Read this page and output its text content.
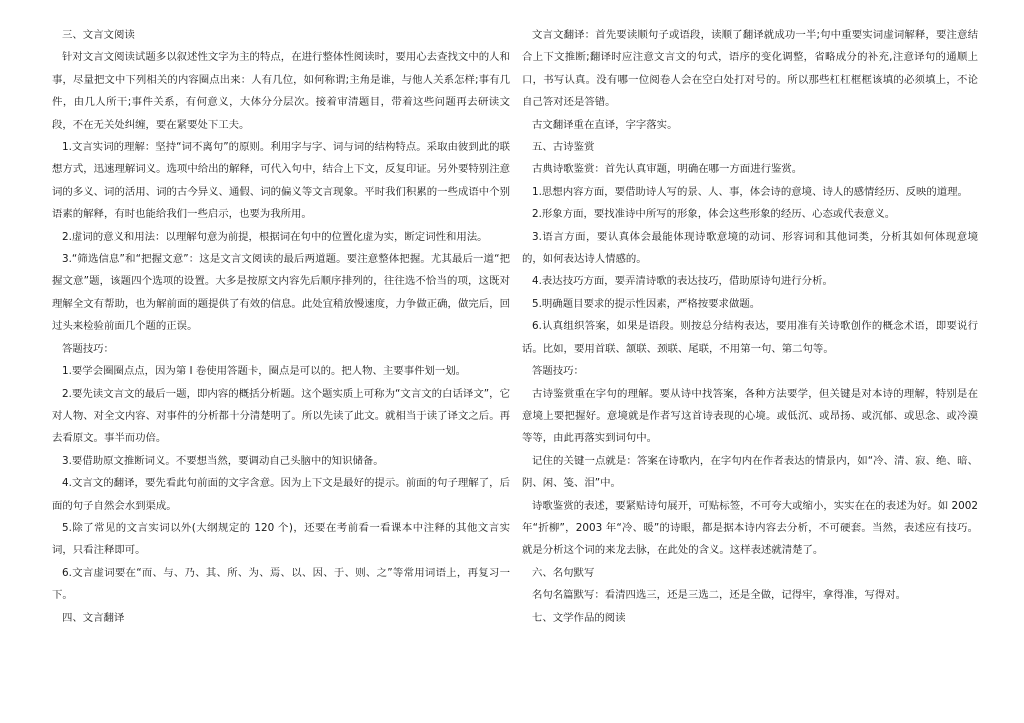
三、文言文阅读

针对文言文阅读试题多以叙述性文字为主的特点，在进行整体性阅读时，要用心去查找文中的人和事，尽量把文中下列相关的内容圈点出来：人有几位，如何称谓;主角是谁，与他人关系怎样;事有几件，由几人所干;事件关系，有何意义，大体分分层次。接着审清题目，带着这些问题再去研读文段，不在无关处纠缠，要在紧要处下工夫。

1.文言实词的理解：坚持“词不离句”的原则。利用字与字、词与词的结构特点。采取由彼到此的联想方式，迅速理解词义。选项中给出的解释，可代入句中，结合上下文，反复印证。另外要特别注意词的多义、词的活用、词的古今异义、通假、词的偏义等文言现象。平时我们积累的一些成语中个别语素的解释，有时也能给我们一些启示，也要为我所用。

2.虚词的意义和用法：以理解句意为前提，根据词在句中的位置化虚为实，断定词性和用法。

3.“筛选信息”和“把握文意”：这是文言文阅读的最后两道题。要注意整体把握。尤其最后一道“把握文意”题，该题四个选项的设置。大多是按原文内容先后顺序排列的，往往选不恰当的项，这既对理解全文有帮助，也为解前面的题提供了有效的信息。此处宜稍放慢速度，力争做正确，做完后，回过头来检验前面几个题的正误。

答题技巧：

1.要学会圈圈点点，因为第 I 卷使用答题卡，圈点是可以的。把人物、主要事件划一划。

2.要先读文言文的最后一题，即内容的概括分析题。这个题实质上可称为“文言文的白话译文”，它对人物、对全文内容、对事件的分析都十分清楚明了。所以先读了此文。就相当于读了译文之后。再去看原文。事半而功倍。

3.要借助原文推断词义。不要想当然，要调动自己头脑中的知识储备。

4.文言文的翻译，要先看此句前面的文字含意。因为上下文是最好的提示。前面的句子理解了，后面的句子自然会水到渠成。

5.除了常见的文言实词以外(大纲规定的 120 个)，还要在考前看一看课本中注释的其他文言实词，只看注释即可。

6.文言虚词要在“而、与、乃、其、所、为、焉、以、因、于、则、之”等常用词语上，再复习一下。

四、文言翻译

文言文翻译：首先要读顺句子或语段，读顺了翻译就成功一半;句中重要实词虚词解释，要注意结合上下文推断;翻译时应注意文言文的句式，语序的变化调整，省略成分的补充,注意译句的通顺上口，书写认真。没有哪一位阅卷人会在空白处打对号的。所以那些杠杠框框该填的必须填上，不论自己答对还是答错。

古文翻译重在直译，字字落实。

五、古诗鉴赏

古典诗歌鉴赏：首先认真审题，明确在哪一方面进行鉴赏。

1.思想内容方面，要借助诗人写的景、人、事，体会诗的意境、诗人的感情经历、反映的道理。

2.形象方面，要找准诗中所写的形象，体会这些形象的经历、心态或代表意义。

3.语言方面，要认真体会最能体现诗歌意境的动词、形容词和其他词类，分析其如何体现意境的，如何表达诗人情感的。

4.表达技巧方面，要弄清诗歌的表达技巧，借助原诗句进行分析。

5.明确题目要求的提示性因素，严格按要求做题。

6.认真组织答案，如果是语段。则按总分结构表达，要用准有关诗歌创作的概念术语，即要说行话。比如，要用首联、颔联、颈联、尾联，不用第一句、第二句等。

答题技巧：

古诗鉴赏重在字句的理解。要从诗中找答案，各种方法要学，但关键是对本诗的理解，特别是在意境上要把握好。意境就是作者写这首诗表现的心境。或低沉、或昂扬、或沉郁、或思念、或冷漠等等，由此再落实到词句中。

记住的关键一点就是：答案在诗歌内，在字句内在作者表达的情景内，如“冷、清、寂、绝、暗、阴、闲、笺、泪”中。

诗歌鉴赏的表述，要紧贴诗句展开，可贴标签，不可夸大或缩小，实实在在的表述为好。如 2002 年“折柳”，2003 年“冷、暖”的诗眼，都是据本诗内容去分析，不可硬套。当然，表述应有技巧。就是分析这个词的来龙去脉，在此处的含义。这样表述就清楚了。

六、名句默写

名句名篇默写：看清四选三，还是三选二，还是全做，记得牢，拿得准，写得对。

七、文学作品的阅读
